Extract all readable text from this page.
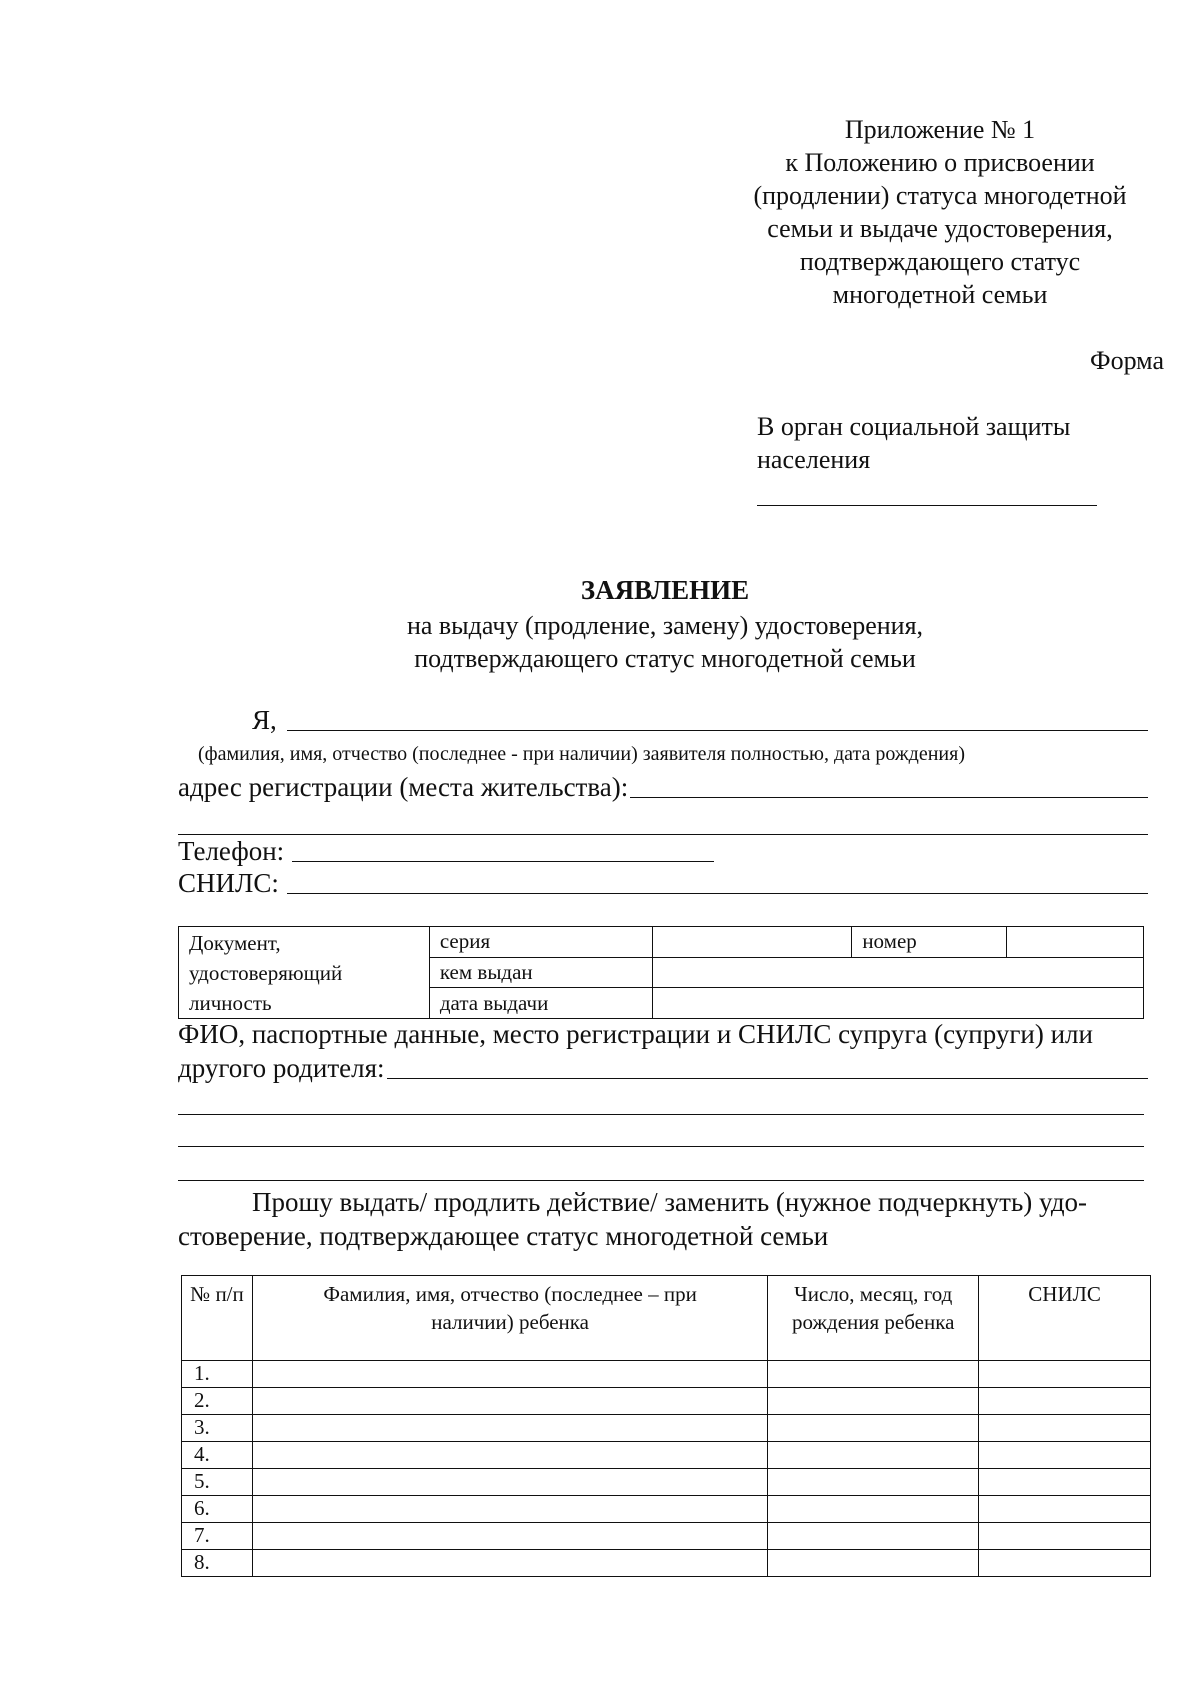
Приложение № 1
к Положению о присвоении
(продлении) статуса многодетной
семьи и выдаче удостоверения,
подтверждающего статус
многодетной семьи
Форма
В орган социальной защиты
населения
ЗАЯВЛЕНИЕ
на выдачу (продление, замену) удостоверения,
подтверждающего статус многодетной семьи
Я,
(фамилия, имя, отчество (последнее - при наличии) заявителя полностью, дата рождения)
адрес регистрации (места жительства):
Телефон:
СНИЛС:
Документ,
удостоверяющий
личность	серия		номер	
	кем выдан			
	дата выдачи			
ФИО, паспортные данные, место регистрации и СНИЛС супруга (супруги) или
другого родителя:
Прошу выдать/ продлить действие/ заменить (нужное подчеркнуть) удо-
стоверение, подтверждающее статус многодетной семьи
№ п/п	Фамилия, имя, отчество (последнее – при наличии) ребенка	Число, месяц, год рождения ребенка	СНИЛС
1.			
2.			
3.			
4.			
5.			
6.			
7.			
8.			
